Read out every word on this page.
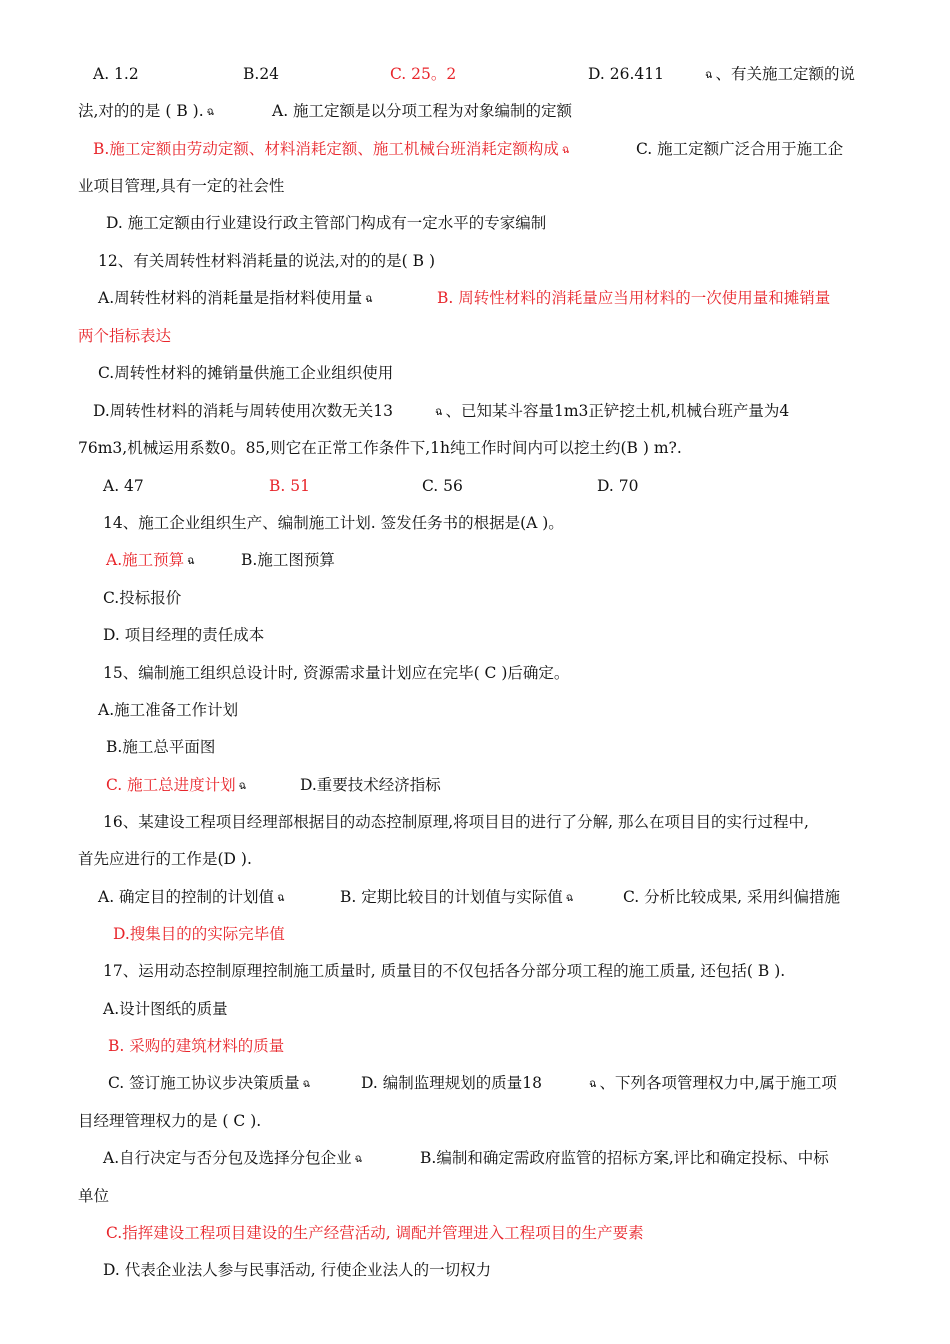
A. 1.2	B.24	C. 25。2	D. 26.411	ฉ 、有关施工定额的说
法,对的的是 ( B ). ฉ	A. 施工定额是以分项工程为对象编制的定额
B.施工定额由劳动定额、材料消耗定额、施工机械台班消耗定额构成 ฉ	C. 施工定额广泛合用于施工企
业项目管理,具有一定的社会性
D. 施工定额由行业建设行政主管部门构成有一定水平的专家编制
12、有关周转性材料消耗量的说法,对的的是( B )
A.周转性材料的消耗量是指材料使用量 ฉ	B. 周转性材料的消耗量应当用材料的一次使用量和摊销量
两个指标表达
C.周转性材料的摊销量供施工企业组织使用
D.周转性材料的消耗与周转使用次数无关13	ฉ 、已知某斗容量1m3正铲挖土机,机械台班产量为4
76m3,机械运用系数0。85,则它在正常工作条件下,1h纯工作时间内可以挖土约(B ) m?.
A. 47	B. 51	C. 56	D. 70
14、施工企业组织生产、编制施工计划. 签发任务书的根据是(A )。
A.施工预算 ฉ	B.施工图预算
C.投标报价
D. 项目经理的责任成本
15、编制施工组织总设计时, 资源需求量计划应在完毕( C )后确定。
A.施工准备工作计划
B.施工总平面图
C. 施工总进度计划 ฉ	D.重要技术经济指标
16、某建设工程项目经理部根据目的动态控制原理,将项目目的进行了分解, 那么在项目目的实行过程中,
首先应进行的工作是(D ).
A. 确定目的控制的计划值 ฉ	B. 定期比较目的计划值与实际值 ฉ	C. 分析比较成果, 采用纠偏措施
D.搜集目的的实际完毕值
17、运用动态控制原理控制施工质量时, 质量目的不仅包括各分部分项工程的施工质量, 还包括( B ).
A.设计图纸的质量
B. 采购的建筑材料的质量
C. 签订施工协议步决策质量 ฉ	D. 编制监理规划的质量18	ฉ 、下列各项管理权力中,属于施工项
目经理管理权力的是 ( C ).
A.自行决定与否分包及选择分包企业 ฉ	B.编制和确定需政府监管的招标方案,评比和确定投标、中标
单位
C.指挥建设工程项目建设的生产经营活动, 调配并管理进入工程项目的生产要素
D. 代表企业法人参与民事活动, 行使企业法人的一切权力
